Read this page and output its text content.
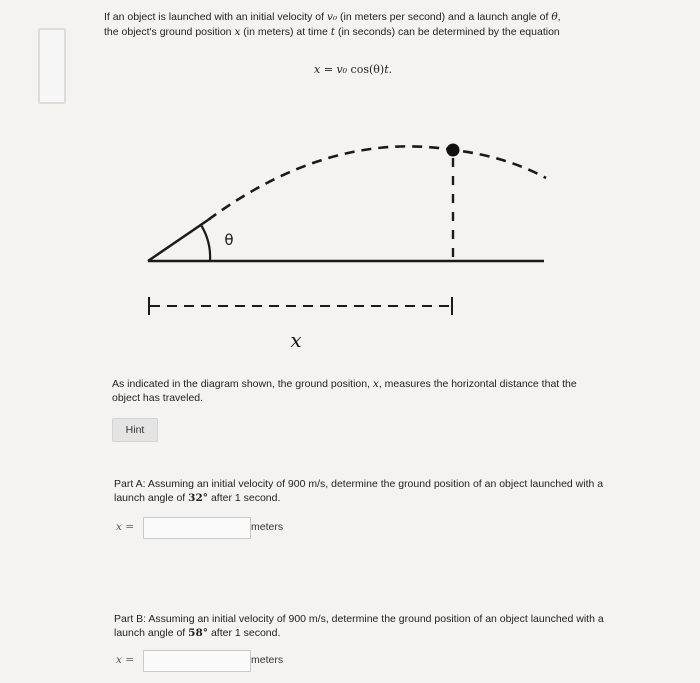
If an object is launched with an initial velocity of v₀ (in meters per second) and a launch angle of θ,
the object's ground position x (in meters) at time t (in seconds) can be determined by the equation
x = v₀ cos(θ)t.
θ
x
As indicated in the diagram shown, the ground position, x, measures the horizontal distance that the object has traveled.
Hint
Part A: Assuming an initial velocity of 900 m/s, determine the ground position of an object launched with a launch angle of 32° after 1 second.
x =	meters
Part B: Assuming an initial velocity of 900 m/s, determine the ground position of an object launched with a launch angle of 58° after 1 second.
x =	meters
